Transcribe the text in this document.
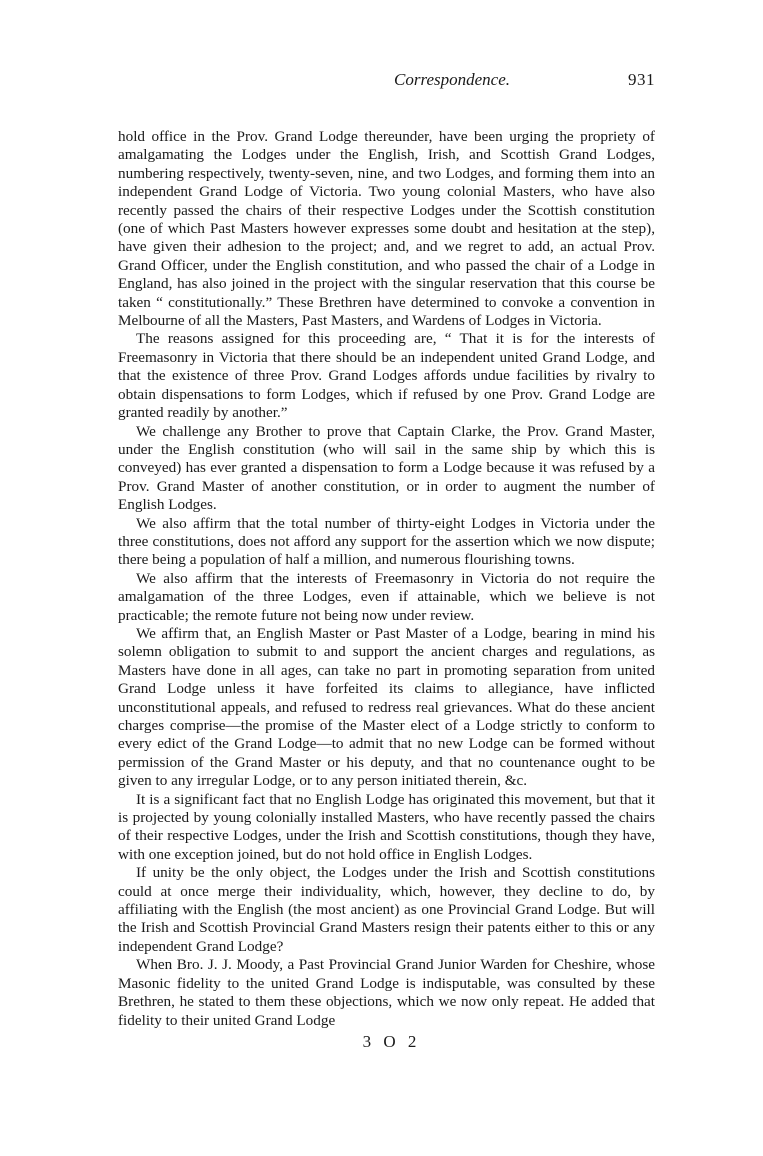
Correspondence.	931

hold office in the Prov. Grand Lodge thereunder, have been urging the propriety of amalgamating the Lodges under the English, Irish, and Scottish Grand Lodges, numbering respectively, twenty-seven, nine, and two Lodges, and forming them into an independent Grand Lodge of Victoria. Two young colonial Masters, who have also recently passed the chairs of their respective Lodges under the Scottish constitution (one of which Past Masters however expresses some doubt and hesitation at the step), have given their adhesion to the project; and, and we regret to add, an actual Prov. Grand Officer, under the English constitution, and who passed the chair of a Lodge in England, has also joined in the project with the singular reservation that this course be taken “ constitutionally.” These Brethren have determined to convoke a convention in Melbourne of all the Masters, Past Masters, and Wardens of Lodges in Victoria.

The reasons assigned for this proceeding are, “ That it is for the interests of Freemasonry in Victoria that there should be an independent united Grand Lodge, and that the existence of three Prov. Grand Lodges affords undue facilities by rivalry to obtain dispensations to form Lodges, which if refused by one Prov. Grand Lodge are granted readily by another.”

We challenge any Brother to prove that Captain Clarke, the Prov. Grand Master, under the English constitution (who will sail in the same ship by which this is conveyed) has ever granted a dispensation to form a Lodge because it was refused by a Prov. Grand Master of another constitution, or in order to augment the number of English Lodges.

We also affirm that the total number of thirty-eight Lodges in Victoria under the three constitutions, does not afford any support for the assertion which we now dispute; there being a population of half a million, and numerous flourishing towns.

We also affirm that the interests of Freemasonry in Victoria do not require the amalgamation of the three Lodges, even if attainable, which we believe is not practicable; the remote future not being now under review.

We affirm that, an English Master or Past Master of a Lodge, bearing in mind his solemn obligation to submit to and support the ancient charges and regulations, as Masters have done in all ages, can take no part in promoting separation from united Grand Lodge unless it have forfeited its claims to allegiance, have inflicted unconstitutional appeals, and refused to redress real grievances. What do these ancient charges comprise—the promise of the Master elect of a Lodge strictly to conform to every edict of the Grand Lodge—to admit that no new Lodge can be formed without permission of the Grand Master or his deputy, and that no countenance ought to be given to any irregular Lodge, or to any person initiated therein, &c.

It is a significant fact that no English Lodge has originated this movement, but that it is projected by young colonially installed Masters, who have recently passed the chairs of their respective Lodges, under the Irish and Scottish constitutions, though they have, with one exception joined, but do not hold office in English Lodges.

If unity be the only object, the Lodges under the Irish and Scottish constitutions could at once merge their individuality, which, however, they decline to do, by affiliating with the English (the most ancient) as one Provincial Grand Lodge. But will the Irish and Scottish Provincial Grand Masters resign their patents either to this or any independent Grand Lodge?

When Bro. J. J. Moody, a Past Provincial Grand Junior Warden for Cheshire, whose Masonic fidelity to the united Grand Lodge is indisputable, was consulted by these Brethren, he stated to them these objections, which we now only repeat. He added that fidelity to their united Grand Lodge

3 O 2
